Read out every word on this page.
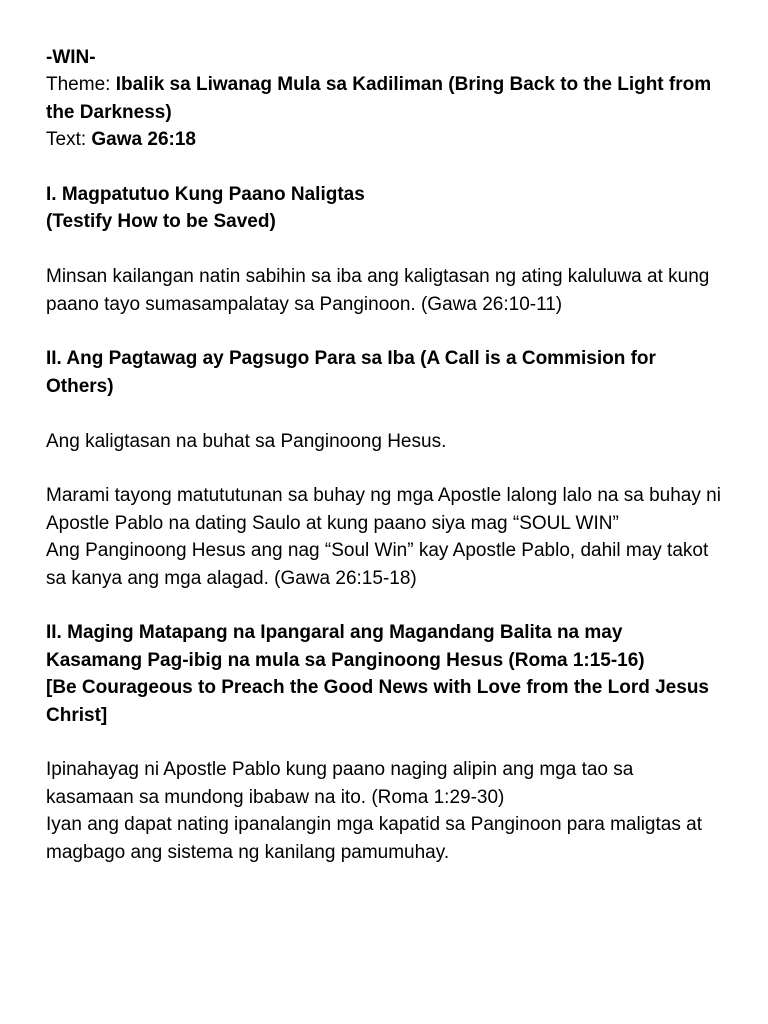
-WIN-

Theme: Ibalik sa Liwanag Mula sa Kadiliman (Bring Back to the Light from the Darkness)

Text: Gawa 26:18

I. Magpatutuo Kung Paano Naligtas

(Testify How to be Saved)

Minsan kailangan natin sabihin sa iba ang kaligtasan ng ating kaluluwa at kung paano tayo sumasampalatay sa Panginoon. (Gawa 26:10-11)

II. Ang Pagtawag ay Pagsugo Para sa Iba (A Call is a Commision for Others)

Ang kaligtasan na buhat sa Panginoong Hesus.

Marami tayong matututunan sa buhay ng mga Apostle lalong lalo na sa buhay ni Apostle Pablo na dating Saulo at kung paano siya mag “SOUL WIN”

Ang Panginoong Hesus ang nag “Soul Win” kay Apostle Pablo, dahil may takot sa kanya ang mga alagad. (Gawa 26:15-18)

II. Maging Matapang na Ipangaral ang Magandang Balita na may Kasamang Pag-ibig na mula sa Panginoong Hesus (Roma 1:15-16)

[Be Courageous to Preach the Good News with Love from the Lord Jesus Christ]

Ipinahayag ni Apostle Pablo kung paano naging alipin ang mga tao sa kasamaan sa mundong ibabaw na ito. (Roma 1:29-30)

Iyan ang dapat nating ipanalangin mga kapatid sa Panginoon para maligtas at magbago ang sistema ng kanilang pamumuhay.
